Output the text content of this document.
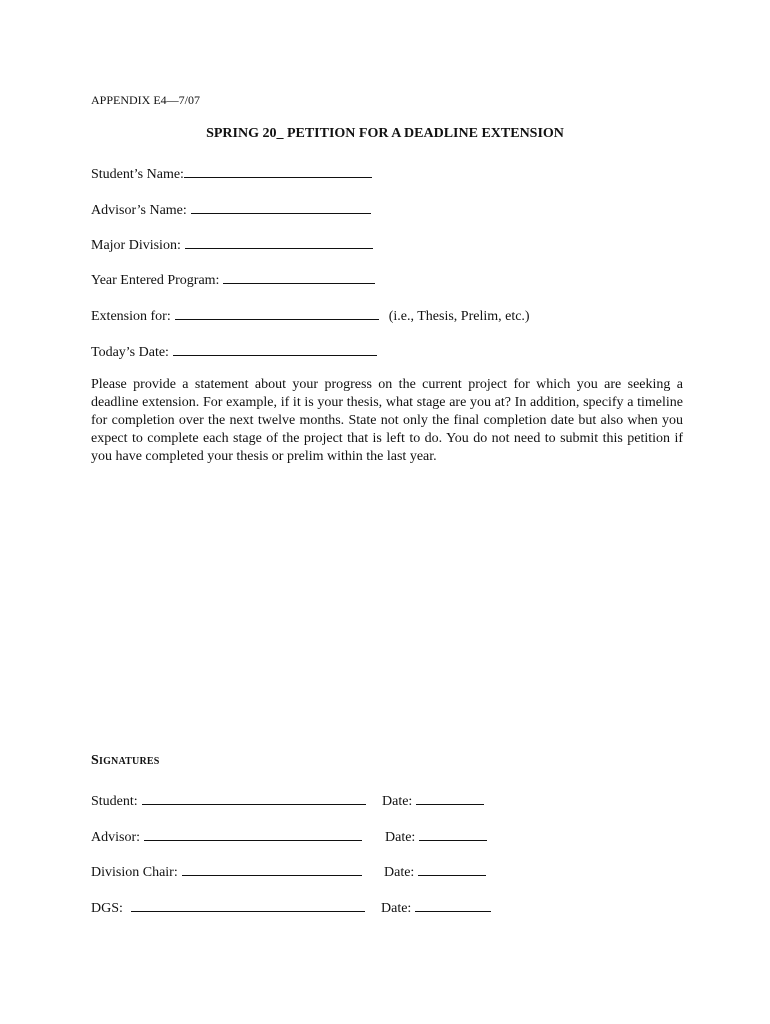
APPENDIX E4—7/07
SPRING 20_ PETITION FOR A DEADLINE EXTENSION
Student’s Name:
Advisor’s Name:
Major Division:
Year Entered Program:
Extension for:	(i.e., Thesis, Prelim, etc.)
Today’s Date:
Please provide a statement about your progress on the current project for which you are seeking a deadline extension. For example, if it is your thesis, what stage are you at? In addition, specify a timeline for completion over the next twelve months. State not only the final completion date but also when you expect to complete each stage of the project that is left to do. You do not need to submit this petition if you have completed your thesis or prelim within the last year.
Signatures
Student:	Date:
Advisor:	Date:
Division Chair:	Date:
DGS:	Date:
